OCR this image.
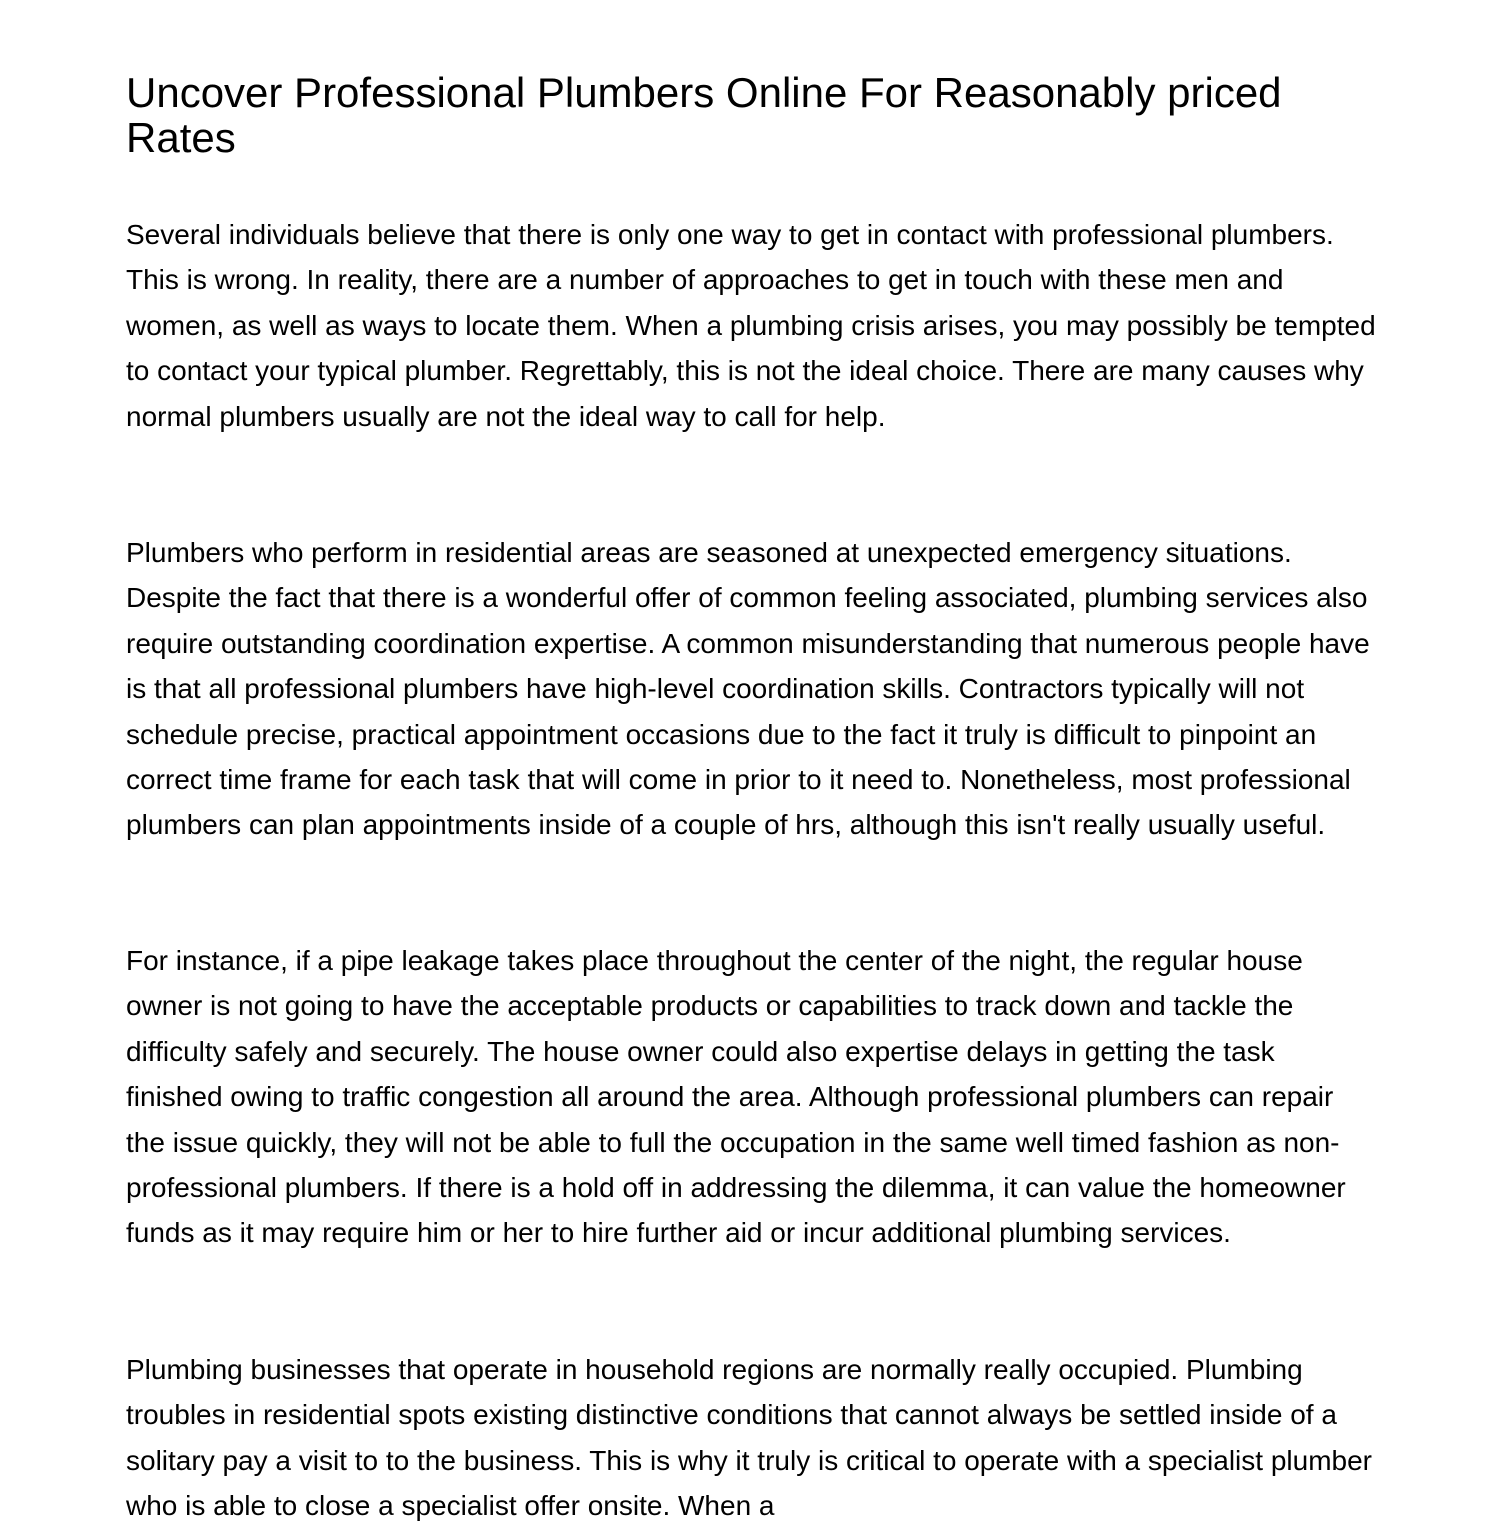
Uncover Professional Plumbers Online For Reasonably priced Rates

Several individuals believe that there is only one way to get in contact with professional plumbers. This is wrong. In reality, there are a number of approaches to get in touch with these men and women, as well as ways to locate them. When a plumbing crisis arises, you may possibly be tempted to contact your typical plumber. Regrettably, this is not the ideal choice. There are many causes why normal plumbers usually are not the ideal way to call for help.

Plumbers who perform in residential areas are seasoned at unexpected emergency situations. Despite the fact that there is a wonderful offer of common feeling associated, plumbing services also require outstanding coordination expertise. A common misunderstanding that numerous people have is that all professional plumbers have high-level coordination skills. Contractors typically will not schedule precise, practical appointment occasions due to the fact it truly is difficult to pinpoint an correct time frame for each task that will come in prior to it need to. Nonetheless, most professional plumbers can plan appointments inside of a couple of hrs, although this isn't really usually useful.

For instance, if a pipe leakage takes place throughout the center of the night, the regular house owner is not going to have the acceptable products or capabilities to track down and tackle the difficulty safely and securely. The house owner could also expertise delays in getting the task finished owing to traffic congestion all around the area. Although professional plumbers can repair the issue quickly, they will not be able to full the occupation in the same well timed fashion as non-professional plumbers. If there is a hold off in addressing the dilemma, it can value the homeowner funds as it may require him or her to hire further aid or incur additional plumbing services.

Plumbing businesses that operate in household regions are normally really occupied. Plumbing troubles in residential spots existing distinctive conditions that cannot always be settled inside of a solitary pay a visit to to the business. This is why it truly is critical to operate with a specialist plumber who is able to close a specialist offer onsite. When a
